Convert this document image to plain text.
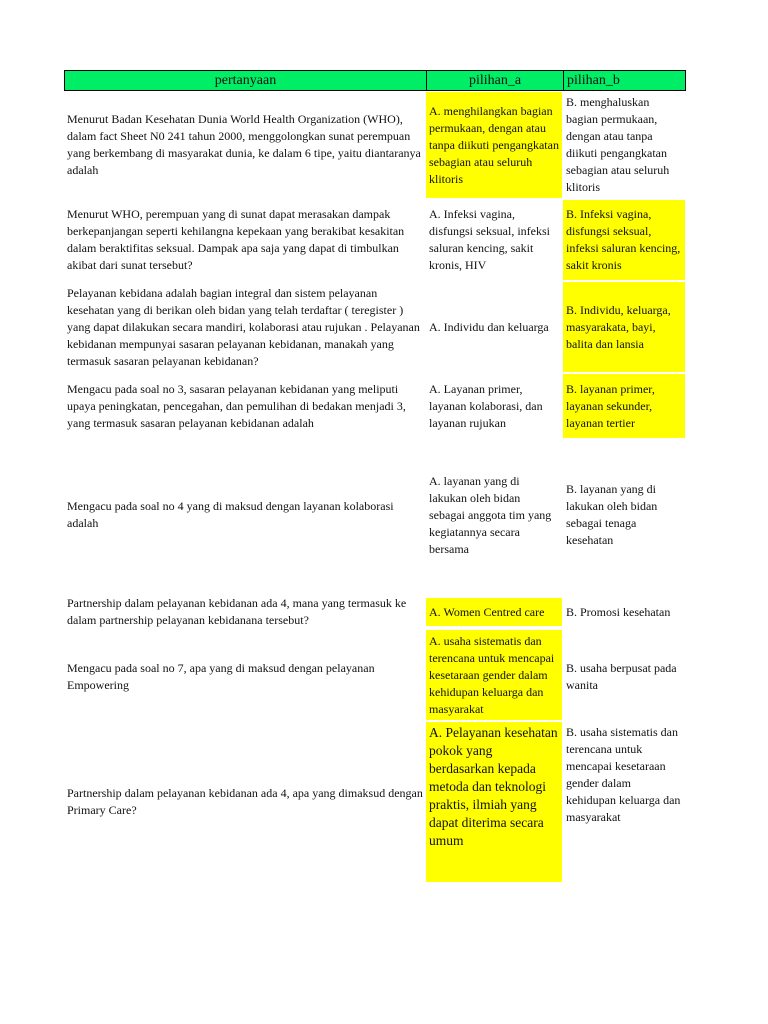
pertanyaan	pilihan_a	pilihan_b
Menurut Badan Kesehatan Dunia World Health Organization (WHO), dalam fact Sheet N0 241 tahun 2000, menggolongkan sunat perempuan yang berkembang di masyarakat dunia, ke dalam 6 tipe, yaitu diantaranya adalah
A. menghilangkan bagian permukaan, dengan atau tanpa diikuti pengangkatan sebagian atau seluruh klitoris
B. menghaluskan bagian permukaan, dengan atau tanpa diikuti pengangkatan sebagian atau seluruh klitoris
Menurut WHO, perempuan yang di sunat dapat merasakan dampak berkepanjangan seperti kehilangna kepekaan yang berakibat kesakitan dalam beraktifitas seksual. Dampak apa saja yang dapat di timbulkan akibat dari sunat tersebut?
A. Infeksi vagina, disfungsi seksual, infeksi saluran kencing, sakit kronis, HIV
B. Infeksi vagina, disfungsi seksual, infeksi saluran kencing, sakit kronis
Pelayanan kebidana adalah bagian integral dan sistem pelayanan kesehatan yang di berikan oleh bidan yang telah terdaftar ( teregister ) yang dapat dilakukan secara mandiri, kolaborasi atau rujukan . Pelayanan kebidanan mempunyai sasaran pelayanan kebidanan, manakah yang termasuk sasaran pelayanan kebidanan?
A. Individu dan keluarga
B. Individu, keluarga, masyarakata, bayi, balita dan lansia
Mengacu pada soal no 3, sasaran pelayanan kebidanan yang meliputi upaya peningkatan, pencegahan, dan pemulihan di bedakan menjadi 3, yang termasuk sasaran pelayanan kebidanan adalah
A. Layanan primer, layanan kolaborasi, dan layanan rujukan
B. layanan primer, layanan sekunder, layanan tertier
Mengacu pada soal no 4 yang di maksud dengan layanan kolaborasi adalah
A. layanan yang di lakukan oleh bidan sebagai anggota tim yang kegiatannya secara bersama
B. layanan yang di lakukan oleh bidan sebagai tenaga kesehatan
Partnership dalam pelayanan kebidanan ada 4, mana yang termasuk ke dalam partnership pelayanan kebidanana tersebut?
A. Women Centred care B. Promosi kesehatan
Mengacu pada soal no 7, apa yang di maksud dengan pelayanan Empowering
A. usaha sistematis dan terencana untuk mencapai kesetaraan gender dalam kehidupan keluarga dan masyarakat
B. usaha berpusat pada wanita
Partnership dalam pelayanan kebidanan ada 4, apa yang dimaksud dengan Primary Care?
A. Pelayanan kesehatan pokok yang berdasarkan kepada metoda dan teknologi praktis, ilmiah yang dapat diterima secara umum
B. usaha sistematis dan terencana untuk mencapai kesetaraan gender dalam kehidupan keluarga dan masyarakat
